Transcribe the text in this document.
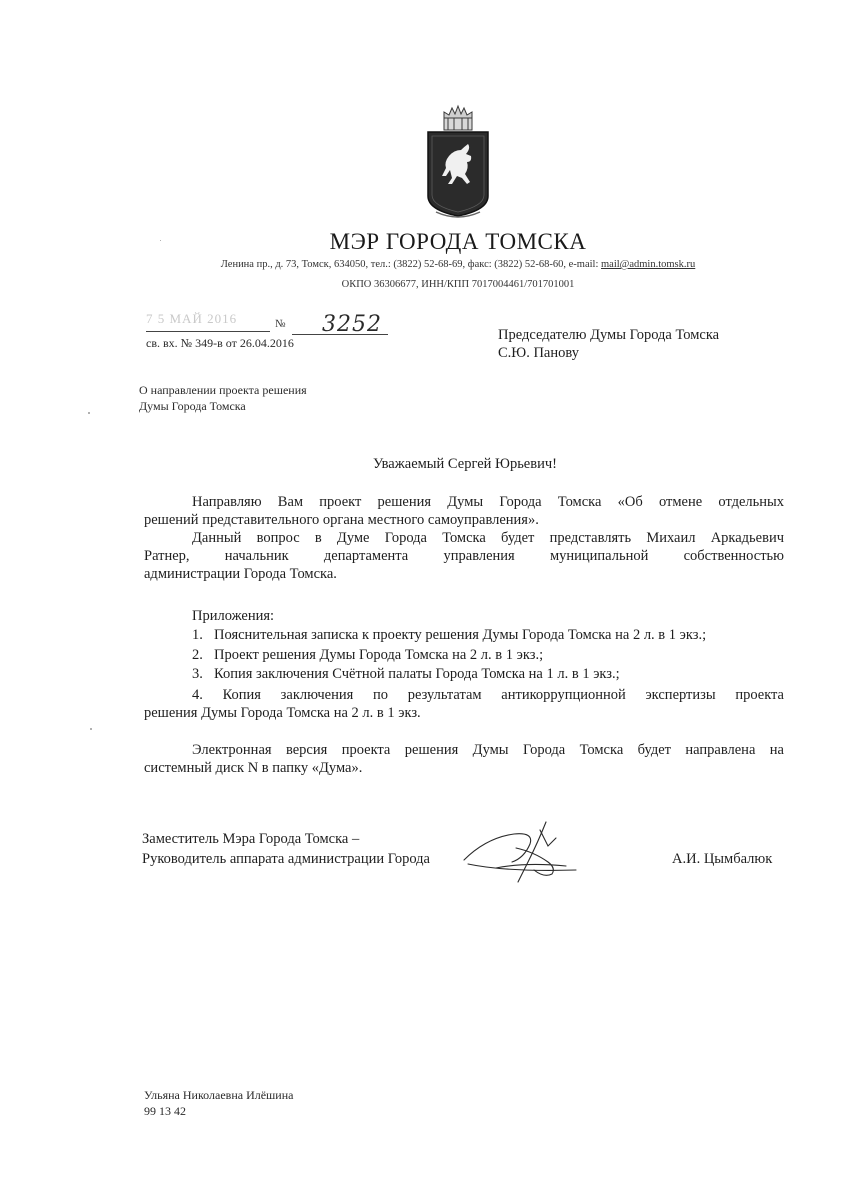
МЭР ГОРОДА ТОМСКА
Ленина пр., д. 73, Томск, 634050, тел.: (3822) 52-68-69, факс: (3822) 52-68-60, e-mail: mail@admin.tomsk.ru
ОКПО 36306677, ИНН/КПП 7017004461/701701001
7 5 МАЙ 2016	№ 3252
св. вх. № 349-в от 26.04.2016	Председателю Думы Города Томска
С.Ю. Панову
О направлении проекта решения
Думы Города Томска
Уважаемый Сергей Юрьевич!
Направляю Вам проект решения Думы Города Томска «Об отмене отдельных
решений представительного органа местного самоуправления».
Данный вопрос в Думе Города Томска будет представлять Михаил Аркадьевич
Ратнер, начальник департамента управления муниципальной собственностью
администрации Города Томска.
Приложения:
1. Пояснительная записка к проекту решения Думы Города Томска на 2 л. в 1 экз.;
2. Проект решения Думы Города Томска на 2 л. в 1 экз.;
3. Копия заключения Счётной палаты Города Томска на 1 л. в 1 экз.;
4. Копия заключения по результатам антикоррупционной экспертизы проекта
решения Думы Города Томска на 2 л. в 1 экз.
Электронная версия проекта решения Думы Города Томска будет направлена на
системный диск N в папку «Дума».
Заместитель Мэра Города Томска –
Руководитель аппарата администрации Города	А.И. Цымбалюк
Ульяна Николаевна Илёшина
99 13 42
